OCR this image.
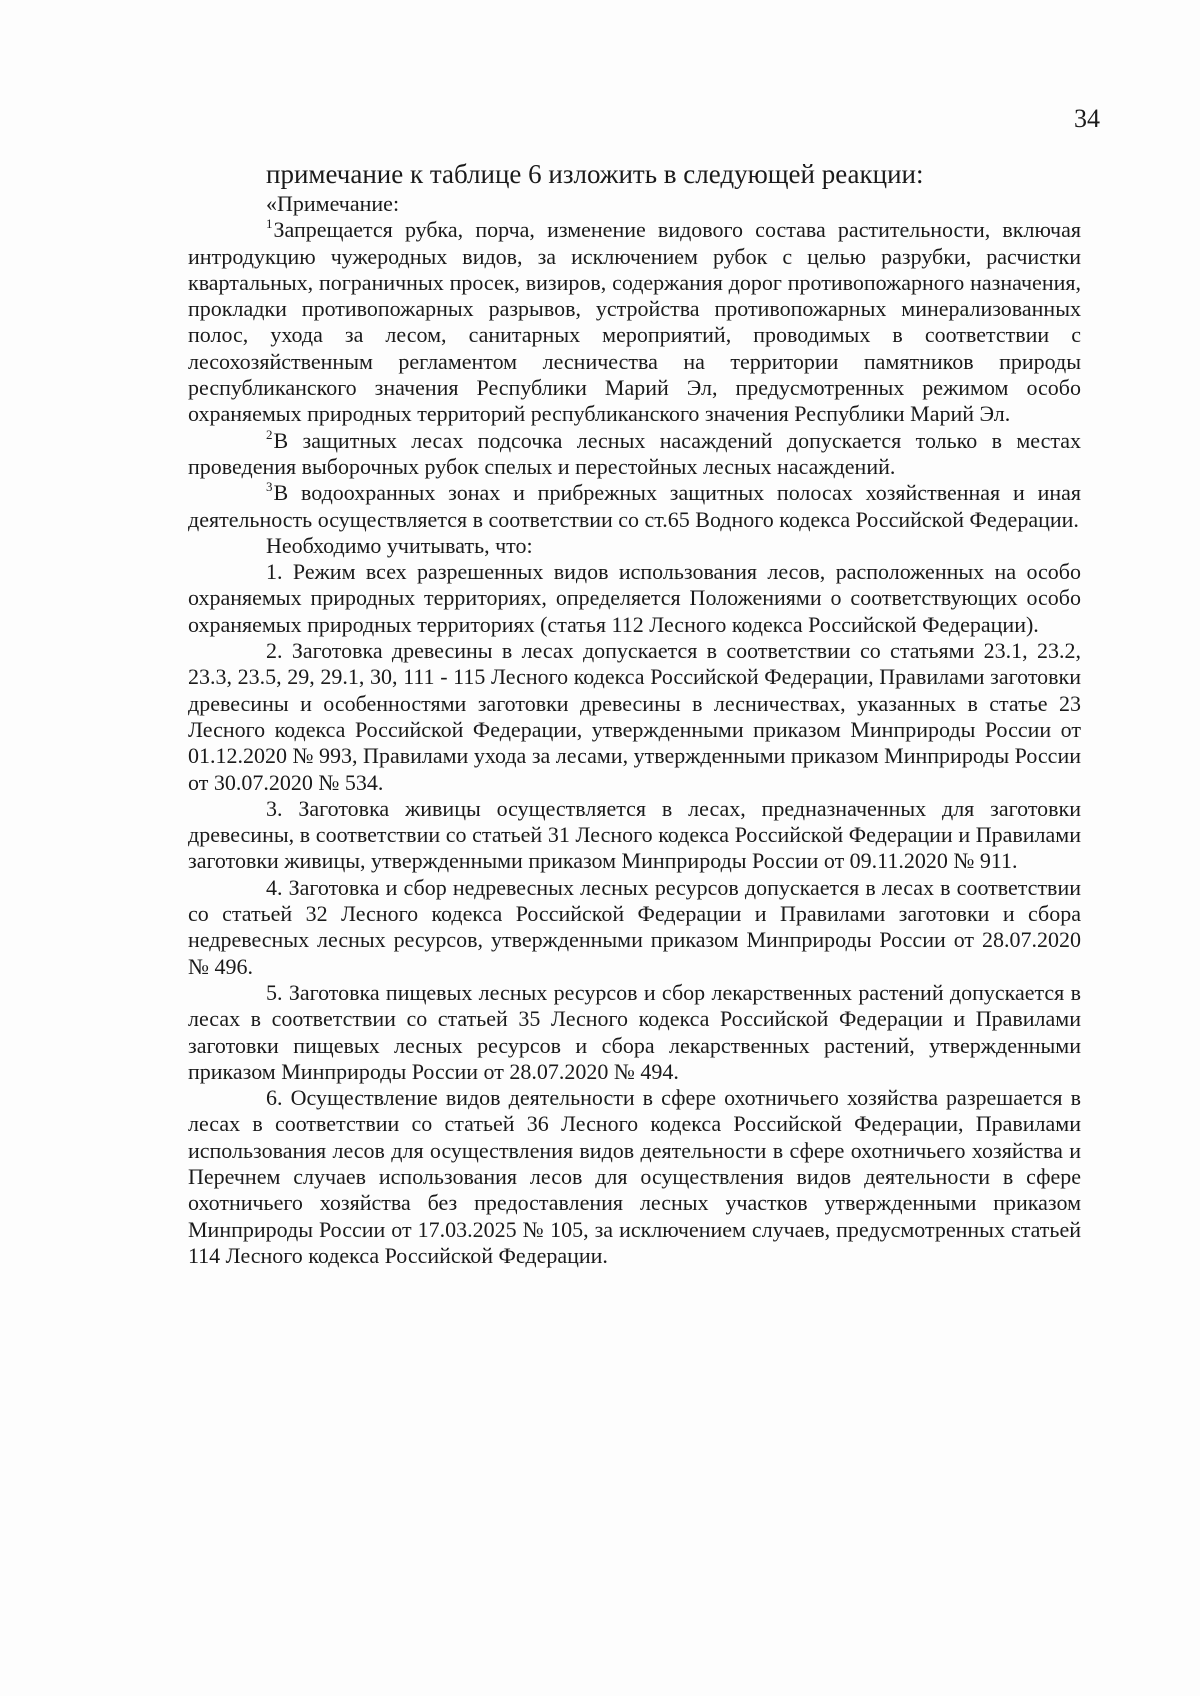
34

примечание к таблице 6 изложить в следующей реакции:

«Примечание:

$^1$Запрещается рубка, порча, изменение видового состава растительности, включая интродукцию чужеродных видов, за исключением рубок с целью разрубки, расчистки квартальных, пограничных просек, визиров, содержания дорог противопожарного назначения, прокладки противопожарных разрывов, устройства противопожарных минерализованных полос, ухода за лесом, санитарных мероприятий, проводимых в соответствии с лесохозяйственным регламентом лесничества на территории памятников природы республиканского значения Республики Марий Эл, предусмотренных режимом особо охраняемых природных территорий республиканского значения Республики Марий Эл.

$^2$В защитных лесах подсочка лесных насаждений допускается только в местах проведения выборочных рубок спелых и перестойных лесных насаждений.

$^3$В водоохранных зонах и прибрежных защитных полосах хозяйственная и иная деятельность осуществляется в соответствии со ст.65 Водного кодекса Российской Федерации.

Необходимо учитывать, что:

1. Режим всех разрешенных видов использования лесов, расположенных на особо охраняемых природных территориях, определяется Положениями о соответствующих особо охраняемых природных территориях (статья 112 Лесного кодекса Российской Федерации).

2. Заготовка древесины в лесах допускается в соответствии со статьями 23.1, 23.2, 23.3, 23.5, 29, 29.1, 30, 111 - 115 Лесного кодекса Российской Федерации, Правилами заготовки древесины и особенностями заготовки древесины в лесничествах, указанных в статье 23 Лесного кодекса Российской Федерации, утвержденными приказом Минприроды России от 01.12.2020 № 993, Правилами ухода за лесами, утвержденными приказом Минприроды России от 30.07.2020 № 534.

3. Заготовка живицы осуществляется в лесах, предназначенных для заготовки древесины, в соответствии со статьей 31 Лесного кодекса Российской Федерации и Правилами заготовки живицы, утвержденными приказом Минприроды России от 09.11.2020 № 911.

4. Заготовка и сбор недревесных лесных ресурсов допускается в лесах в соответствии со статьей 32 Лесного кодекса Российской Федерации и Правилами заготовки и сбора недревесных лесных ресурсов, утвержденными приказом Минприроды России от 28.07.2020 № 496.

5. Заготовка пищевых лесных ресурсов и сбор лекарственных растений допускается в лесах в соответствии со статьей 35 Лесного кодекса Российской Федерации и Правилами заготовки пищевых лесных ресурсов и сбора лекарственных растений, утвержденными приказом Минприроды России от 28.07.2020 № 494.

6. Осуществление видов деятельности в сфере охотничьего хозяйства разрешается в лесах в соответствии со статьей 36 Лесного кодекса Российской Федерации, Правилами использования лесов для осуществления видов деятельности в сфере охотничьего хозяйства и Перечнем случаев использования лесов для осуществления видов деятельности в сфере охотничьего хозяйства без предоставления лесных участков утвержденными приказом Минприроды России от 17.03.2025 № 105, за исключением случаев, предусмотренных статьей 114 Лесного кодекса Российской Федерации.
